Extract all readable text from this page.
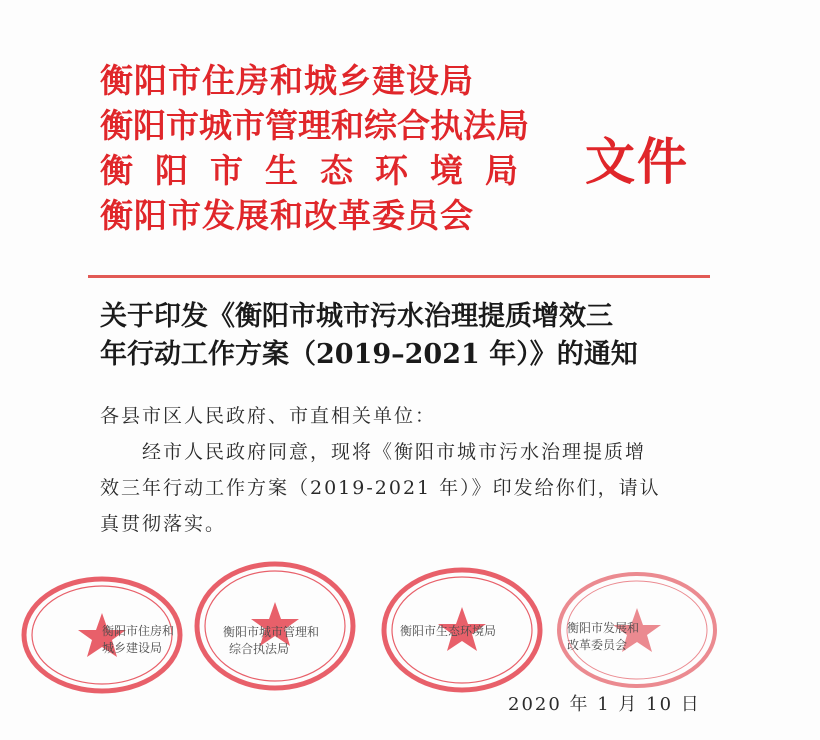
衡阳市住房和城乡建设局
衡阳市城市管理和综合执法局
衡阳市生态环境局
衡阳市发展和改革委员会
文件
关于印发《衡阳市城市污水治理提质增效三
年行动工作方案（2019–2021 年）》的通知
各县市区人民政府、市直相关单位：
经市人民政府同意，现将《衡阳市城市污水治理提质增
效三年行动工作方案（2019-2021 年）》印发给你们，请认
真贯彻落实。
衡阳市住房和
城乡建设局
衡阳市城市管理和
综合执法局
衡阳市生态环境局	衡阳市发展和
改革委员会
2020 年 1 月 10 日
